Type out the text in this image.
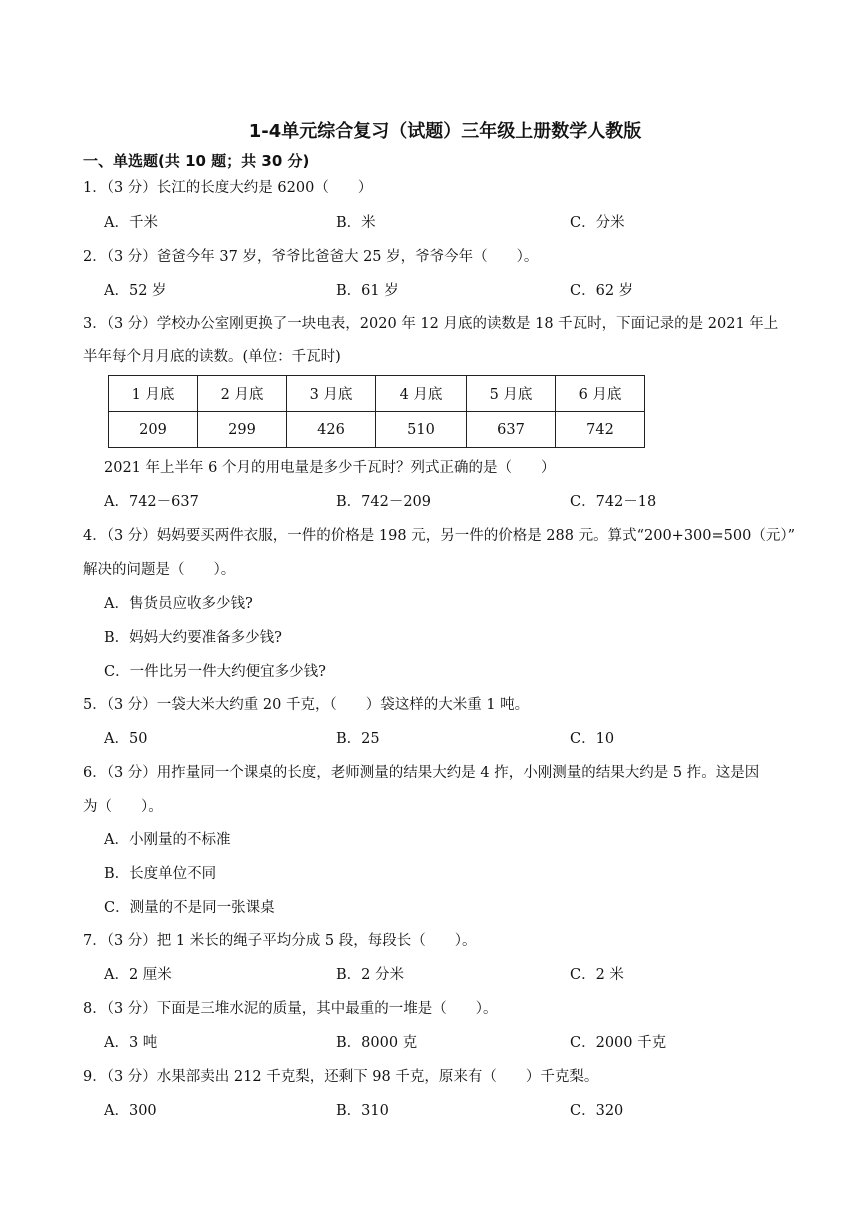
1-4单元综合复习（试题）三年级上册数学人教版
一、单选题(共 10 题；共 30 分)
1．（3 分）长江的长度大约是 6200（　　）
A．千米	B．米	C．分米
2．（3 分）爸爸今年 37 岁，爷爷比爸爸大 25 岁，爷爷今年（　　）。
A．52 岁	B．61 岁	C．62 岁
3．（3 分）学校办公室刚更换了一块电表，2020 年 12 月底的读数是 18 千瓦时，下面记录的是 2021 年上
半年每个月月底的读数。(单位：千瓦时)
1 月底	2 月底	3 月底	4 月底	5 月底	6 月底
209	299	426	510	637	742
2021 年上半年 6 个月的用电量是多少千瓦时？列式正确的是（　　）
A．742－637	B．742－209	C．742－18
4．（3 分）妈妈要买两件衣服，一件的价格是 198 元，另一件的价格是 288 元。算式“200+300=500（元）”
解决的问题是（　　）。
A．售货员应收多少钱?
B．妈妈大约要准备多少钱?
C．一件比另一件大约便宜多少钱?
5．（3 分）一袋大米大约重 20 千克，（　　）袋这样的大米重 1 吨。
A．50	B．25	C．10
6．（3 分）用拃量同一个课桌的长度，老师测量的结果大约是 4 拃，小刚测量的结果大约是 5 拃。这是因
为（　　）。
A．小刚量的不标准
B．长度单位不同
C．测量的不是同一张课桌
7．（3 分）把 1 米长的绳子平均分成 5 段，每段长（　　）。
A．2 厘米	B．2 分米	C．2 米
8．（3 分）下面是三堆水泥的质量，其中最重的一堆是（　　）。
A．3 吨	B．8000 克	C．2000 千克
9．（3 分）水果部卖出 212 千克梨，还剩下 98 千克，原来有（　　）千克梨。
A．300	B．310	C．320
